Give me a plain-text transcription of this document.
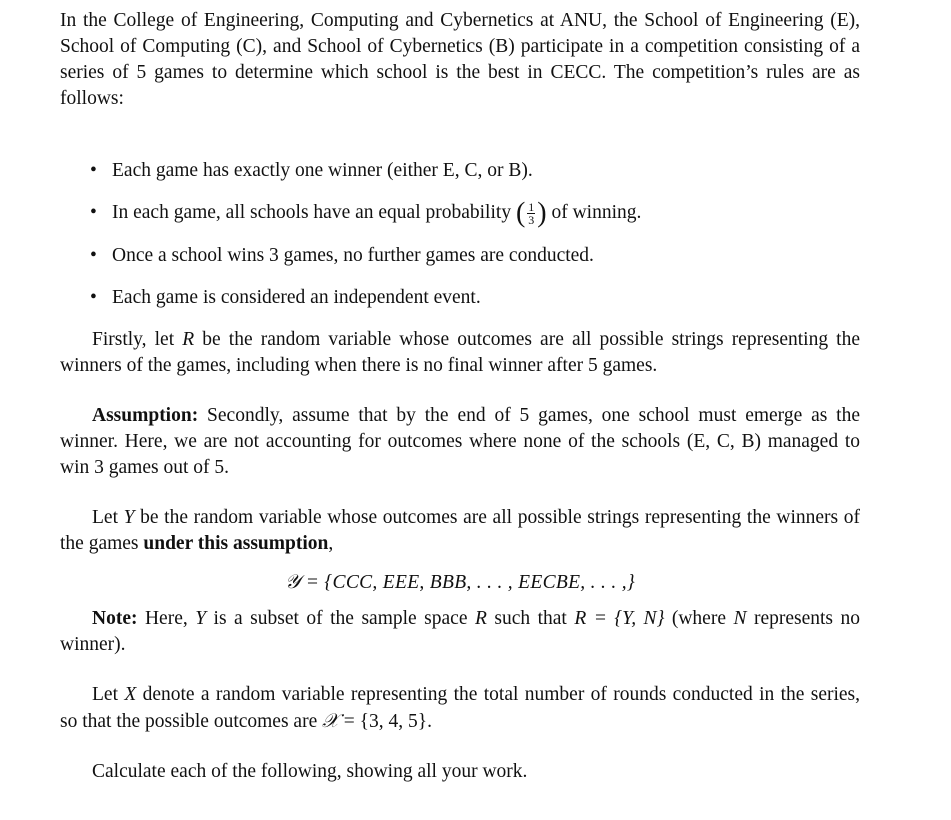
In the College of Engineering, Computing and Cybernetics at ANU, the School of Engineering (E), School of Computing (C), and School of Cybernetics (B) participate in a competition consisting of a series of 5 games to determine which school is the best in CECC. The competition’s rules are as follows:

• Each game has exactly one winner (either E, C, or B).
• In each game, all schools have an equal probability ( $\frac{1}{3}$ ) of winning.
• Once a school wins 3 games, no further games are conducted.
• Each game is considered an independent event.

Firstly, let R be the random variable whose outcomes are all possible strings representing the winners of the games, including when there is no final winner after 5 games.

Assumption: Secondly, assume that by the end of 5 games, one school must emerge as the winner. Here, we are not accounting for outcomes where none of the schools (E, C, B) managed to win 3 games out of 5.

Let Y be the random variable whose outcomes are all possible strings representing the winners of the games under this assumption,

𝒴 = {CCC, EEE, BBB, . . . , EECBE, . . . ,}

Note: Here, Y is a subset of the sample space R such that R = {Y, N} (where N represents no winner).

Let X denote a random variable representing the total number of rounds conducted in the series, so that the possible outcomes are 𝒳 = {3, 4, 5}.

Calculate each of the following, showing all your work.
